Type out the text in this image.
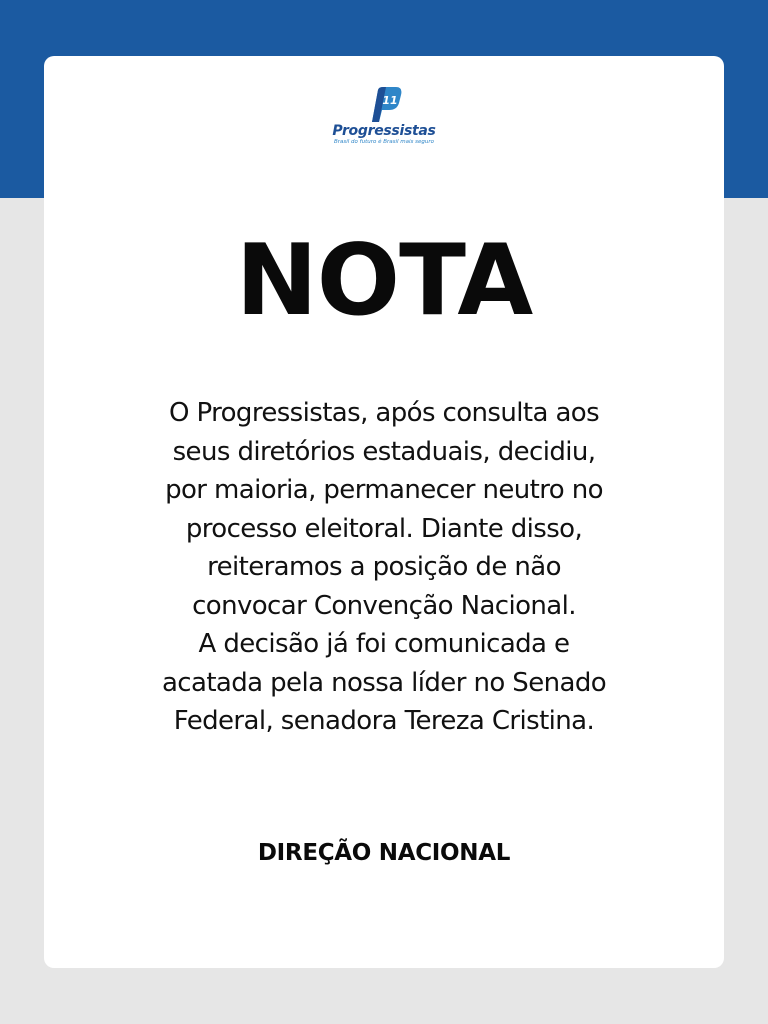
11
Progressistas
Brasil do futuro é Brasil mais seguro
NOTA
O Progressistas, após consulta aos
seus diretórios estaduais, decidiu,
por maioria, permanecer neutro no
processo eleitoral. Diante disso,
reiteramos a posição de não
convocar Convenção Nacional.
A decisão já foi comunicada e
acatada pela nossa líder no Senado
Federal, senadora Tereza Cristina.
DIREÇÃO NACIONAL
